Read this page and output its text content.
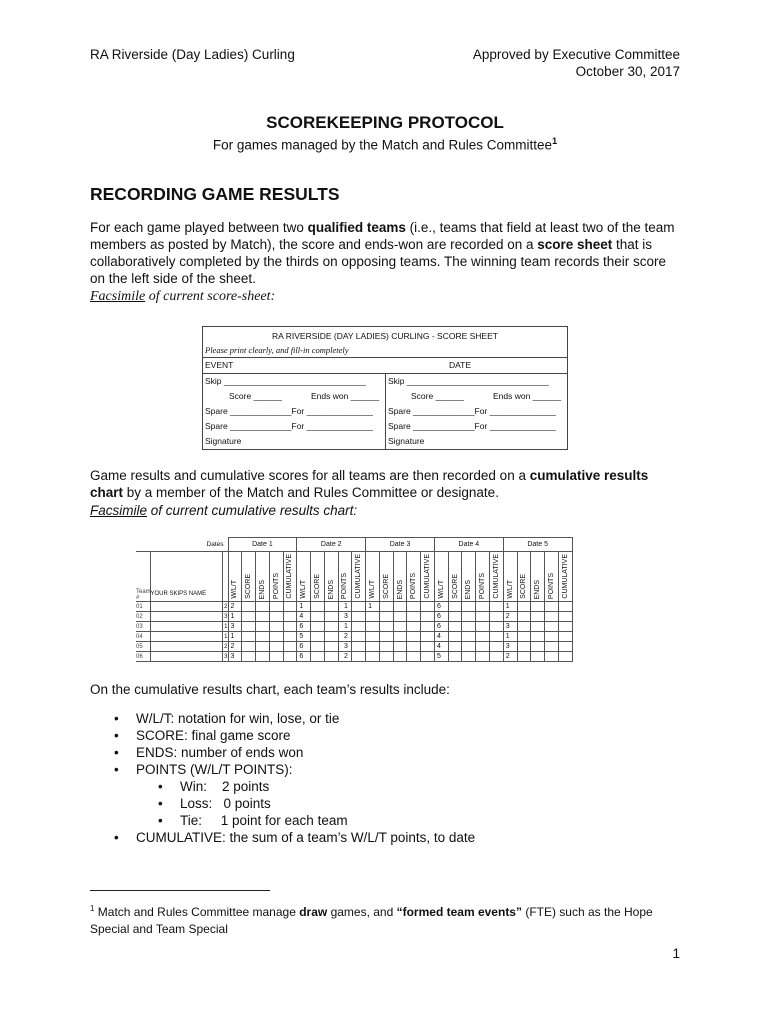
RA Riverside (Day Ladies) Curling	Approved by Executive Committee
October 30, 2017
SCOREKEEPING PROTOCOL
For games managed by the Match and Rules Committee$^1$
RECORDING GAME RESULTS
For each game played between two qualified teams (i.e., teams that field at least two of the team members as posted by Match), the score and ends-won are recorded on a score sheet that is collaboratively completed by the thirds on opposing teams. The winning team records their score on the left side of the sheet.
Facsimile of current score-sheet:
RA RIVERSIDE (DAY LADIES) CURLING - SCORE SHEET
Please print clearly, and fill-in completely
EVENT	DATE
Skip ______________________________	Skip ______________________________
Score ______	Ends won ______	Score ______	Ends won ______
Spare _____________For ______________ Spare _____________For ______________
Spare _____________For ______________ Spare _____________For ______________
Signature	Signature
Game results and cumulative scores for all teams are then recorded on a cumulative results chart by a member of the Match and Rules Committee or designate.
Facsimile of current cumulative results chart:
Dates			Date 1					Date 2					Date 3					Date 4					Date 5				
Team #	YOUR SKIPS NAME		W/L/T	SCORE	ENDS	POINTS	CUMULATIVE	W/L/T	SCORE	ENDS	POINTS	CUMULATIVE	W/L/T	SCORE	ENDS	POINTS	CUMULATIVE	W/L/T	SCORE	ENDS	POINTS	CUMULATIVE	W/L/T	SCORE	ENDS	POINTS	CUMULATIVE
01		2	2					1			1		1					6					1				
02		3	1					4			3							6					2				
03		1	3					6			1							6					3				
04		1	1					5			2							4					1				
05		2	2					6			3							4					3				
06		3	3					6			2							5					2				
On the cumulative results chart, each team’s results include:
• W/L/T: notation for win, lose, or tie
• SCORE: final game score
• ENDS: number of ends won
• POINTS (W/L/T POINTS):
• Win:    2 points
• Loss:   0 points
• Tie:     1 point for each team
• CUMULATIVE: the sum of a team’s W/L/T points, to date
$^1$ Match and Rules Committee manage draw games, and “formed team events” (FTE) such as the Hope Special and Team Special
1
